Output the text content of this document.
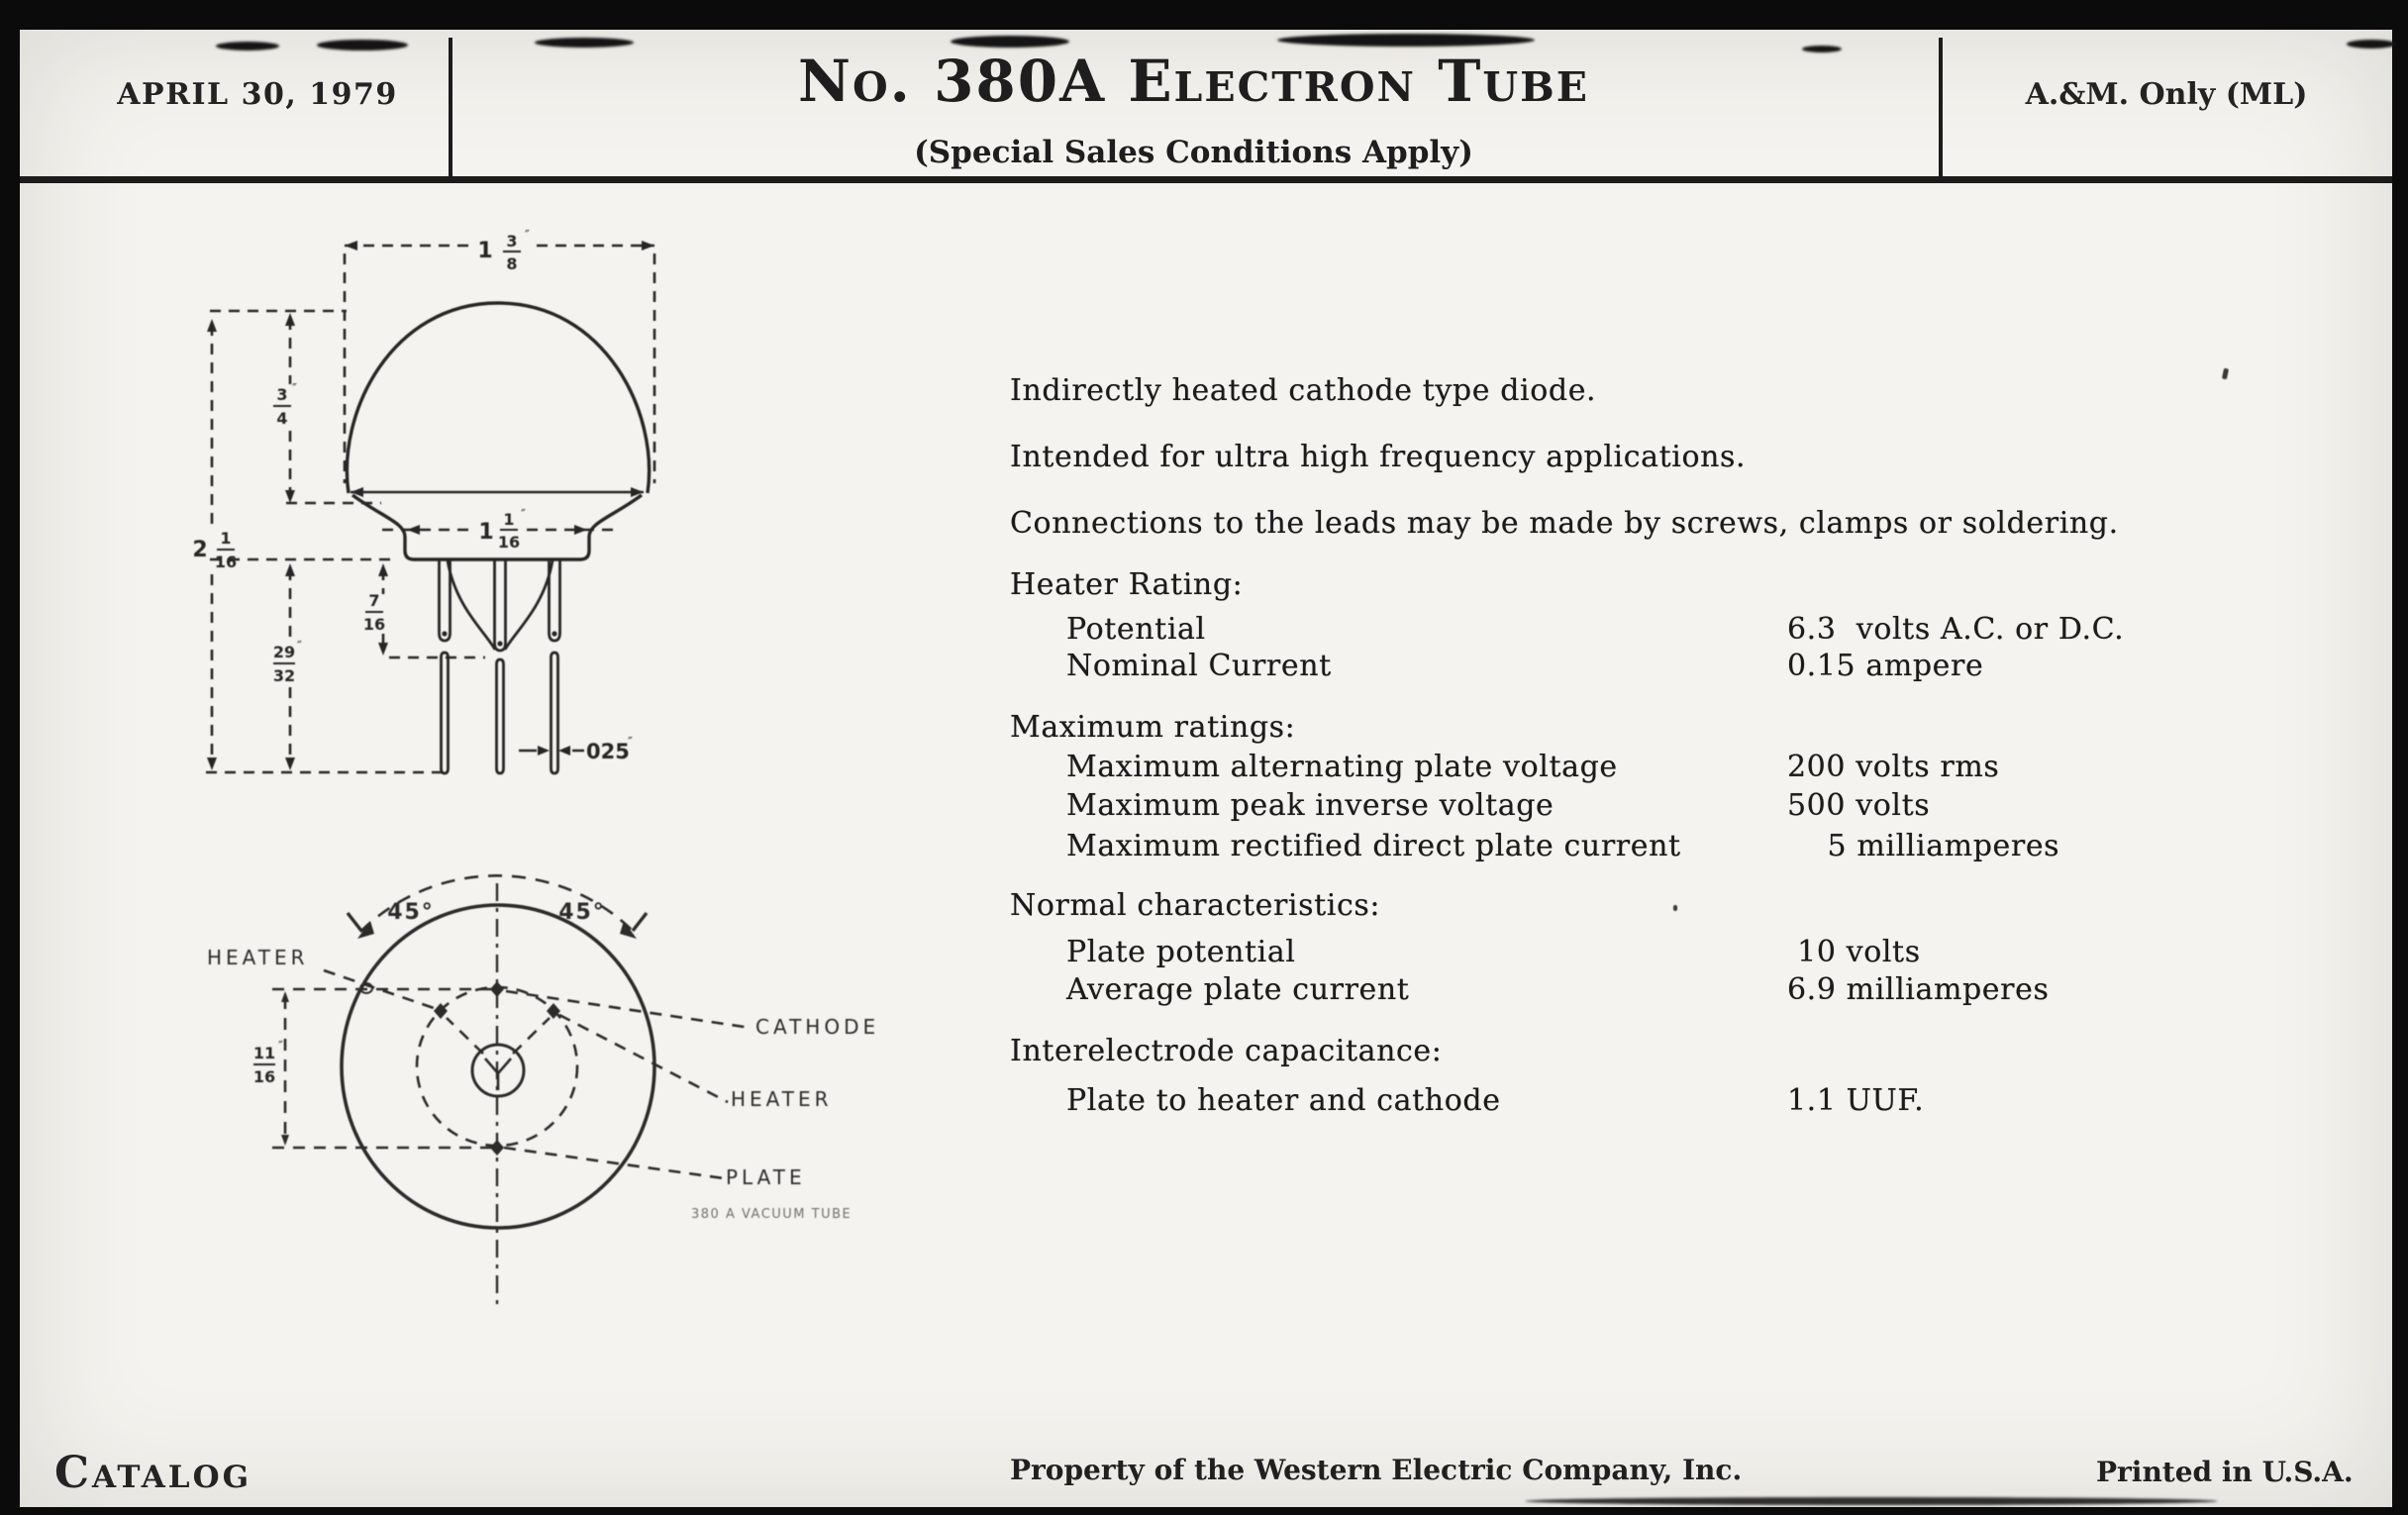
APRIL 30, 1979	No. 380A Electron Tube
(Special Sales Conditions Apply)
A.&M. Only (ML)
Indirectly heated cathode type diode.
Intended for ultra high frequency applications.
Connections to the leads may be made by screws, clamps or soldering.
Heater Rating:
Potential	6.3  volts A.C. or D.C.
Nominal Current	0.15 ampere
Maximum ratings:
Maximum alternating plate voltage	200 volts rms
Maximum peak inverse voltage	500 volts
Maximum rectified direct plate current	5 milliamperes
Normal characteristics:
Plate potential	10 volts
Average plate current	6.9 milliamperes
Interelectrode capacitance:
Plate to heater and cathode	1.1 UUF.
1 3
8
″
3
4
″
2 1
16
1
1
16
″
7
16
29
32
″
025
″
45°	45°
HEATER
CATHODE
HEATER
PLATE
11
16
″
380 A VACUUM TUBE
Catalog	Property of the Western Electric Company, Inc.	Printed in U.S.A.
